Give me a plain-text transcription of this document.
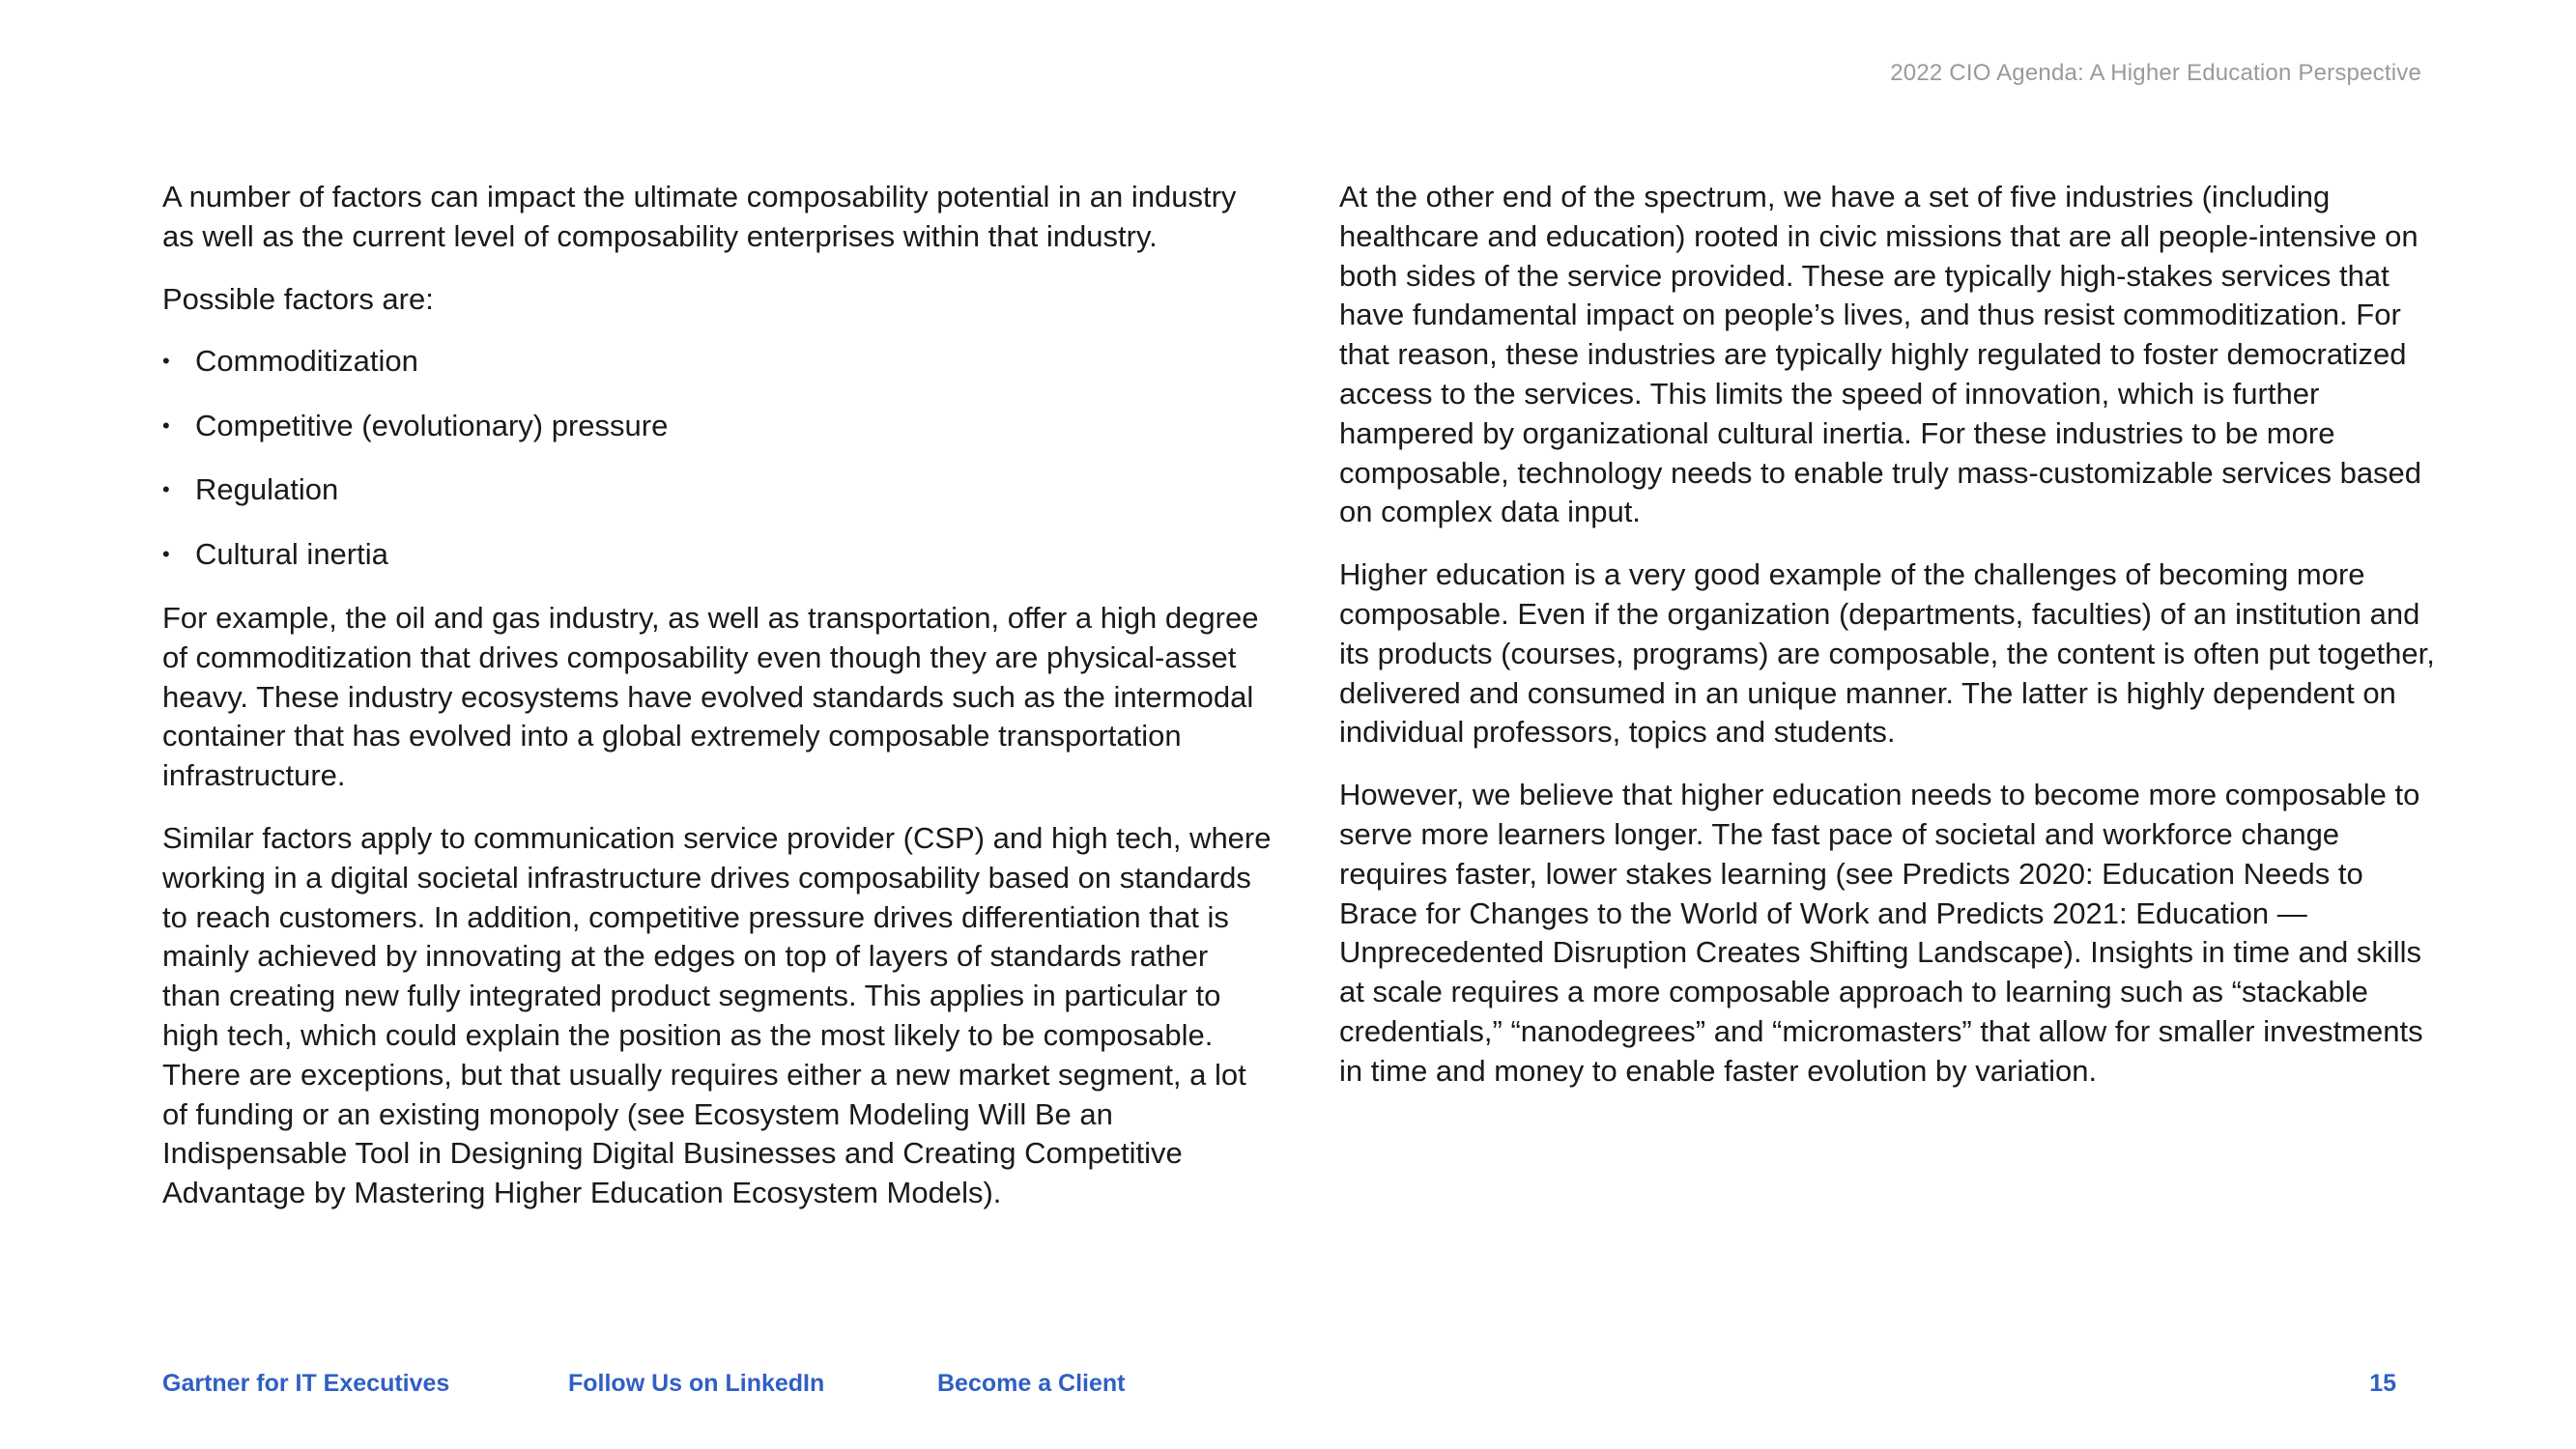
2022 CIO Agenda: A Higher Education Perspective

A number of factors can impact the ultimate composability potential in an industry as well as the current level of composability enterprises within that industry.

Possible factors are:

• Commoditization
• Competitive (evolutionary) pressure
• Regulation
• Cultural inertia

For example, the oil and gas industry, as well as transportation, offer a high degree of commoditization that drives composability even though they are physical-asset heavy. These industry ecosystems have evolved standards such as the intermodal container that has evolved into a global extremely composable transportation infrastructure.

Similar factors apply to communication service provider (CSP) and high tech, where working in a digital societal infrastructure drives composability based on standards to reach customers. In addition, competitive pressure drives differentiation that is mainly achieved by innovating at the edges on top of layers of standards rather than creating new fully integrated product segments. This applies in particular to high tech, which could explain the position as the most likely to be composable. There are exceptions, but that usually requires either a new market segment, a lot of funding or an existing monopoly (see Ecosystem Modeling Will Be an Indispensable Tool in Designing Digital Businesses and Creating Competitive Advantage by Mastering Higher Education Ecosystem Models).

At the other end of the spectrum, we have a set of five industries (including healthcare and education) rooted in civic missions that are all people-intensive on both sides of the service provided. These are typically high-stakes services that have fundamental impact on people’s lives, and thus resist commoditization. For that reason, these industries are typically highly regulated to foster democratized access to the services. This limits the speed of innovation, which is further hampered by organizational cultural inertia. For these industries to be more composable, technology needs to enable truly mass-customizable services based on complex data input.

Higher education is a very good example of the challenges of becoming more composable. Even if the organization (departments, faculties) of an institution and its products (courses, programs) are composable, the content is often put together, delivered and consumed in an unique manner. The latter is highly dependent on individual professors, topics and students.

However, we believe that higher education needs to become more composable to serve more learners longer. The fast pace of societal and workforce change requires faster, lower stakes learning (see Predicts 2020: Education Needs to Brace for Changes to the World of Work and Predicts 2021: Education — Unprecedented Disruption Creates Shifting Landscape). Insights in time and skills at scale requires a more composable approach to learning such as “stackable credentials,” “nanodegrees” and “micromasters” that allow for smaller investments in time and money to enable faster evolution by variation.

Gartner for IT Executives	Follow Us on LinkedIn	Become a Client	15
